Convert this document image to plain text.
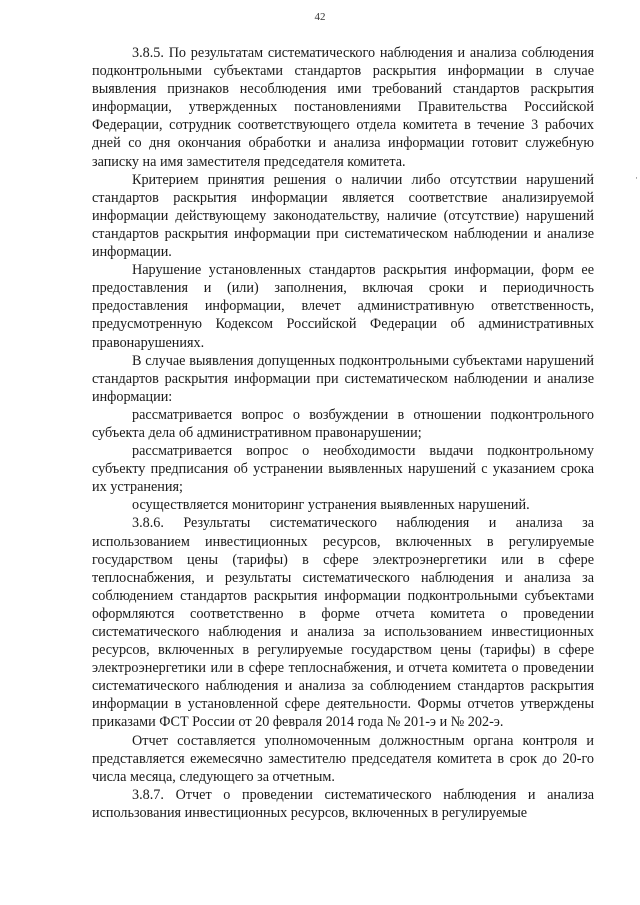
42
·

3.8.5. По результатам систематического наблюдения и анализа соблюдения подконтрольными субъектами стандартов раскрытия информации в случае выявления признаков несоблюдения ими требований стандартов раскрытия информации, утвержденных постановлениями Правительства Российской Федерации, сотрудник соответствующего отдела комитета в течение 3 рабочих дней со дня окончания обработки и анализа информации готовит служебную записку на имя заместителя председателя комитета.

Критерием принятия решения о наличии либо отсутствии нарушений стандартов раскрытия информации является соответствие анализируемой информации действующему законодательству, наличие (отсутствие) нарушений стандартов раскрытия информации при систематическом наблюдении и анализе информации.

Нарушение установленных стандартов раскрытия информации, форм ее предоставления и (или) заполнения, включая сроки и периодичность предоставления информации, влечет административную ответственность, предусмотренную Кодексом Российской Федерации об административных правонарушениях.

В случае выявления допущенных подконтрольными субъектами нарушений стандартов раскрытия информации при систематическом наблюдении и анализе информации:

рассматривается вопрос о возбуждении в отношении подконтрольного субъекта дела об административном правонарушении;

рассматривается вопрос о необходимости выдачи подконтрольному субъекту предписания об устранении выявленных нарушений с указанием срока их устранения;

осуществляется мониторинг устранения выявленных нарушений.

3.8.6. Результаты систематического наблюдения и анализа за использованием инвестиционных ресурсов, включенных в регулируемые государством цены (тарифы) в сфере электроэнергетики или в сфере теплоснабжения, и результаты систематического наблюдения и анализа за соблюдением стандартов раскрытия информации подконтрольными субъектами оформляются соответственно в форме отчета комитета о проведении систематического наблюдения и анализа за использованием инвестиционных ресурсов, включенных в регулируемые государством цены (тарифы) в сфере электроэнергетики или в сфере теплоснабжения, и отчета комитета о проведении систематического наблюдения и анализа за соблюдением стандартов раскрытия информации в установленной сфере деятельности. Формы отчетов утверждены приказами ФСТ России от 20 февраля 2014 года № 201-э и № 202-э.

Отчет составляется уполномоченным должностным органа контроля и представляется ежемесячно заместителю председателя комитета в срок до 20-го числа месяца, следующего за отчетным.

3.8.7. Отчет о проведении систематического наблюдения и анализа использования инвестиционных ресурсов, включенных в регулируемые
